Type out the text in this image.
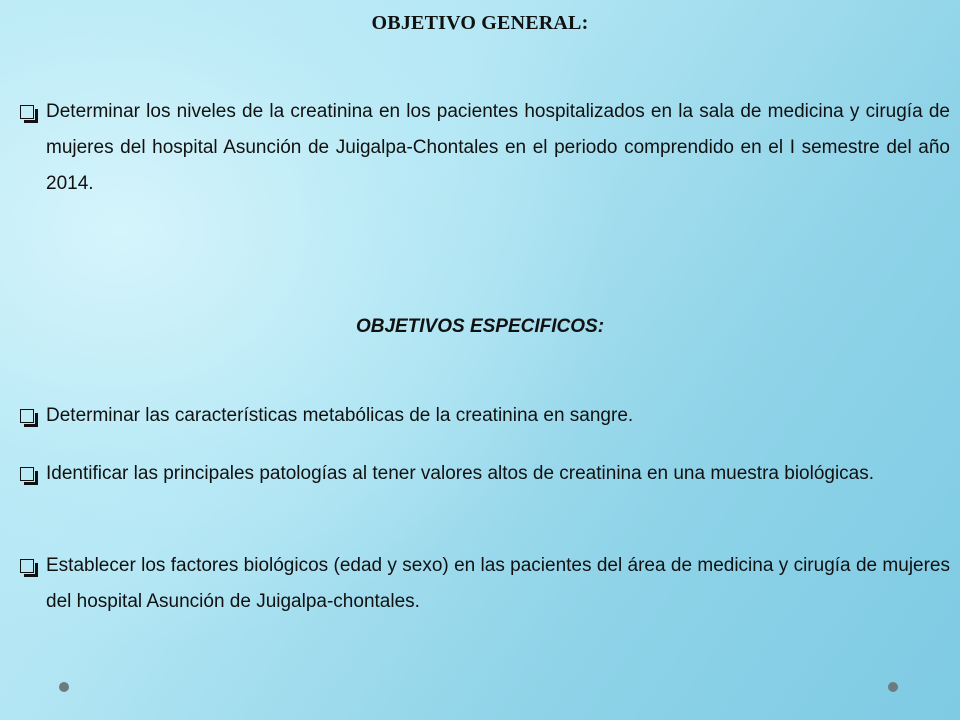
OBJETIVO GENERAL:

Determinar los niveles de la creatinina en los pacientes hospitalizados en la sala de medicina y cirugía de mujeres del hospital Asunción de Juigalpa-Chontales en el periodo comprendido en el I semestre del año 2014.

OBJETIVOS ESPECIFICOS:

Determinar las características metabólicas de la creatinina en sangre.

Identificar las principales patologías al tener valores altos de creatinina en una muestra biológicas.

Establecer los factores biológicos (edad y sexo) en las pacientes del área de medicina y cirugía de mujeres del hospital Asunción de Juigalpa-chontales.
